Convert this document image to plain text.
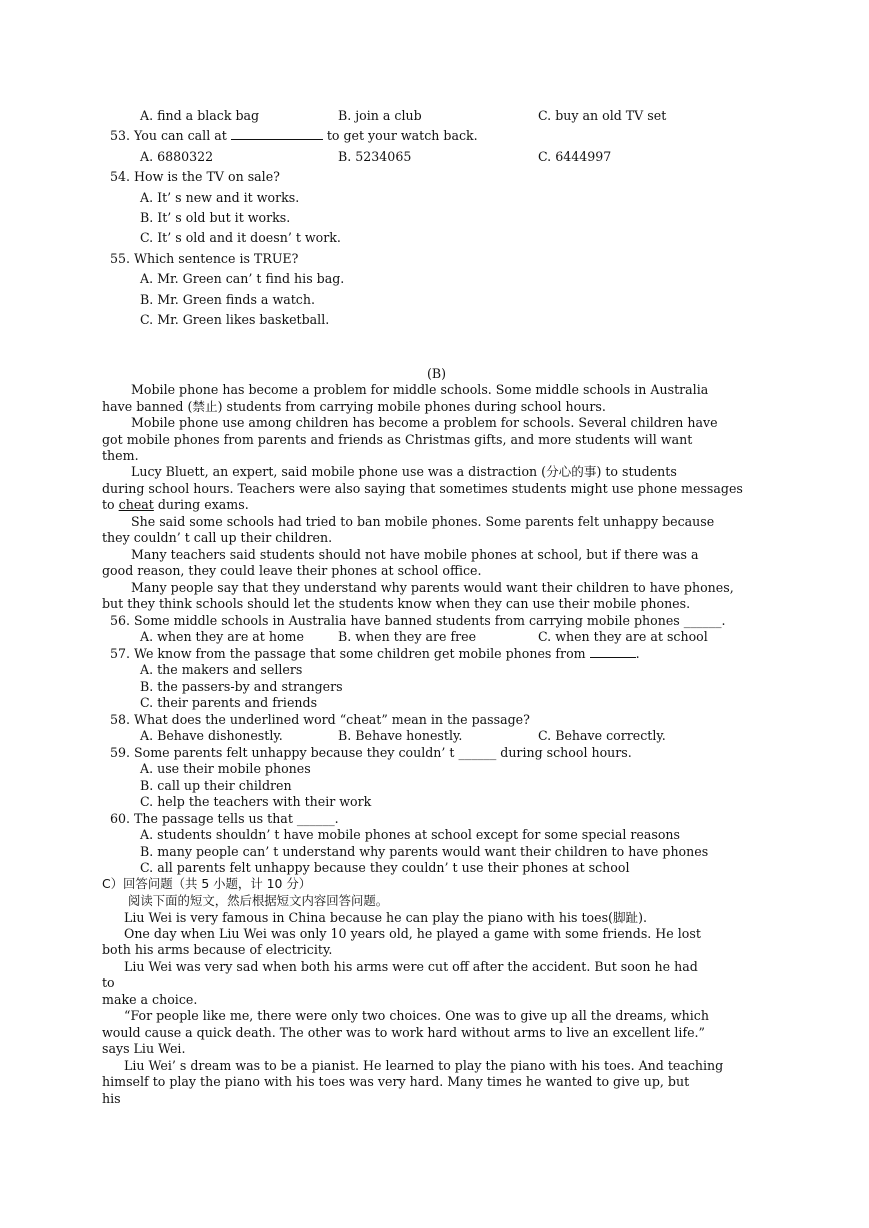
A. find a black bag	B. join a club	C. buy an old TV set
53. You can call at	to get your watch back.
A. 6880322	B. 5234065	C. 6444997
54. How is the TV on sale?
A. It’ s new and it works.
B. It’ s old but it works.
C. It’ s old and it doesn’ t work.
55. Which sentence is TRUE?
A. Mr. Green can’ t find his bag.
B. Mr. Green finds a watch.
C. Mr. Green likes basketball.
(B)
Mobile phone has become a problem for middle schools. Some middle schools in Australia
have banned (禁止) students from carrying mobile phones during school hours.
Mobile phone use among children has become a problem for schools. Several children have
got mobile phones from parents and friends as Christmas gifts, and more students will want
them.
Lucy Bluett, an expert, said mobile phone use was a distraction (分心的事) to students
during school hours. Teachers were also saying that sometimes students might use phone messages
to cheat during exams.
She said some schools had tried to ban mobile phones. Some parents felt unhappy because
they couldn’ t call up their children.
Many teachers said students should not have mobile phones at school, but if there was a
good reason, they could leave their phones at school office.
Many people say that they understand why parents would want their children to have phones,
but they think schools should let the students know when they can use their mobile phones.
56. Some middle schools in Australia have banned students from carrying mobile phones ______.
A. when they are at home	B. when they are free	C. when they are at school
57. We know from the passage that some children get mobile phones from	.
A. the makers and sellers
B. the passers-by and strangers
C. their parents and friends
58. What does the underlined word “cheat” mean in the passage?
A. Behave dishonestly.	B. Behave honestly.	C. Behave correctly.
59. Some parents felt unhappy because they couldn’ t ______ during school hours.
A. use their mobile phones
B. call up their children
C. help the teachers with their work
60. The passage tells us that ______.
A. students shouldn’ t have mobile phones at school except for some special reasons
B. many people can’ t understand why parents would want their children to have phones
C. all parents felt unhappy because they couldn’ t use their phones at school
C）回答问题（共 5 小题，计 10 分）
阅读下面的短文，然后根据短文内容回答问题。
Liu Wei is very famous in China because he can play the piano with his toes(脚趾).
One day when Liu Wei was only 10 years old, he played a game with some friends. He lost
both his arms because of electricity.
Liu Wei was very sad when both his arms were cut off after the accident. But soon he had
to
make a choice.
“For people like me, there were only two choices. One was to give up all the dreams, which
would cause a quick death. The other was to work hard without arms to live an excellent life.”
says Liu Wei.
Liu Wei’ s dream was to be a pianist. He learned to play the piano with his toes. And teaching
himself to play the piano with his toes was very hard. Many times he wanted to give up, but
his
